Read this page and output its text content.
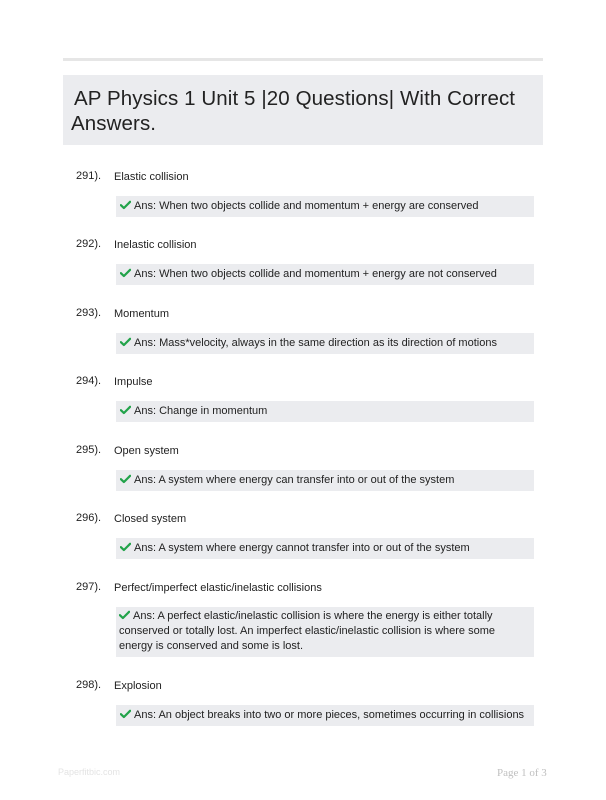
AP Physics 1 Unit 5 |20 Questions| With Correct
Answers.
291). Elastic collision
Ans: When two objects collide and momentum + energy are conserved
292). Inelastic collision
Ans: When two objects collide and momentum + energy are not conserved
293). Momentum
Ans: Mass*velocity, always in the same direction as its direction of motions
294). Impulse
Ans: Change in momentum
295). Open system
Ans: A system where energy can transfer into or out of the system
296). Closed system
Ans: A system where energy cannot transfer into or out of the system
297). Perfect/imperfect elastic/inelastic collisions
Ans: A perfect elastic/inelastic collision is where the energy is either totally conserved or totally lost. An imperfect elastic/inelastic collision is where some energy is conserved and some is lost.
298). Explosion
Ans: An object breaks into two or more pieces, sometimes occurring in collisions
Paperfitbic.com	Page 1 of 3
